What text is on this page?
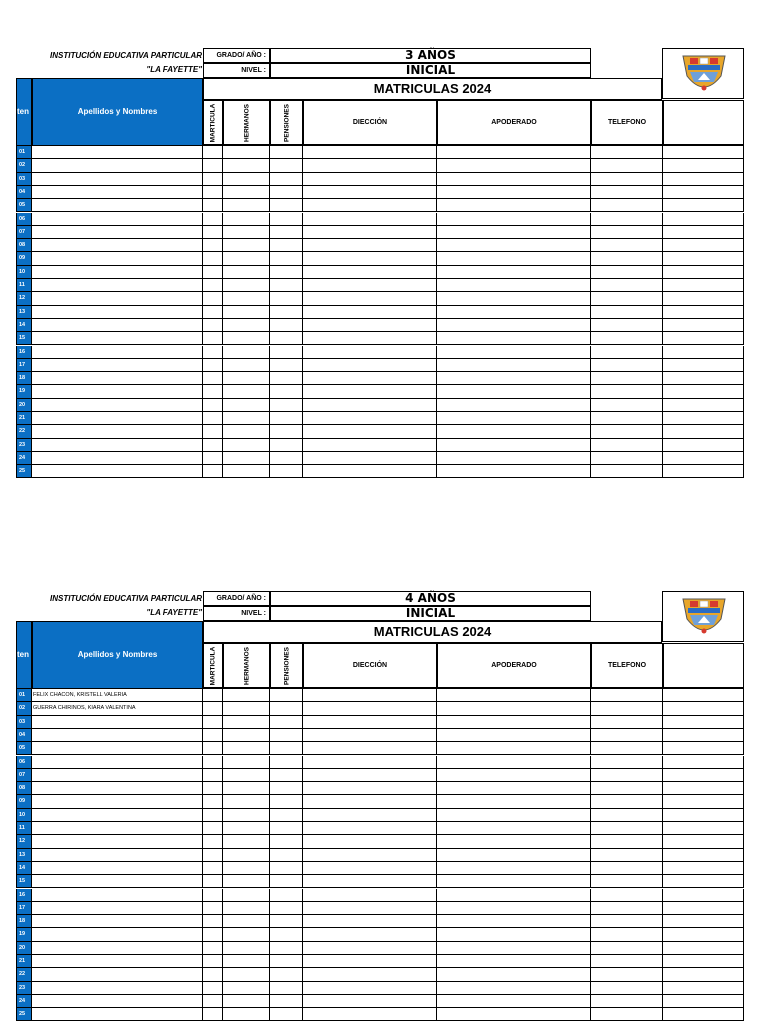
INSTITUCIÓN EDUCATIVA PARTICULAR
"LA FAYETTE"
GRADO/ AÑO :	3 AÑOS
NIVEL :	INICIAL
MATRICULAS 2024
ten	Apellidos y Nombres	MARTICULA	HERMANOS	PENSIONES	DIECCIÓN	APODERADO	TELEFONO
01
02
03
04
05
06
07
08
09
10
11
12
13
14
15
16
17
18
19
20
21
22
23
24
25
INSTITUCIÓN EDUCATIVA PARTICULAR
"LA FAYETTE"
GRADO/ AÑO :	4 AÑOS
NIVEL :	INICIAL
MATRICULAS 2024
ten	Apellidos y Nombres	MARTICULA	HERMANOS	PENSIONES	DIECCIÓN	APODERADO	TELEFONO
01	FELIX CHACON, KRISTELL VALERIA
02	GUERRA CHIRINOS, KIARA VALENTINA
03
04
05
06
07
08
09
10
11
12
13
14
15
16
17
18
19
20
21
22
23
24
25
